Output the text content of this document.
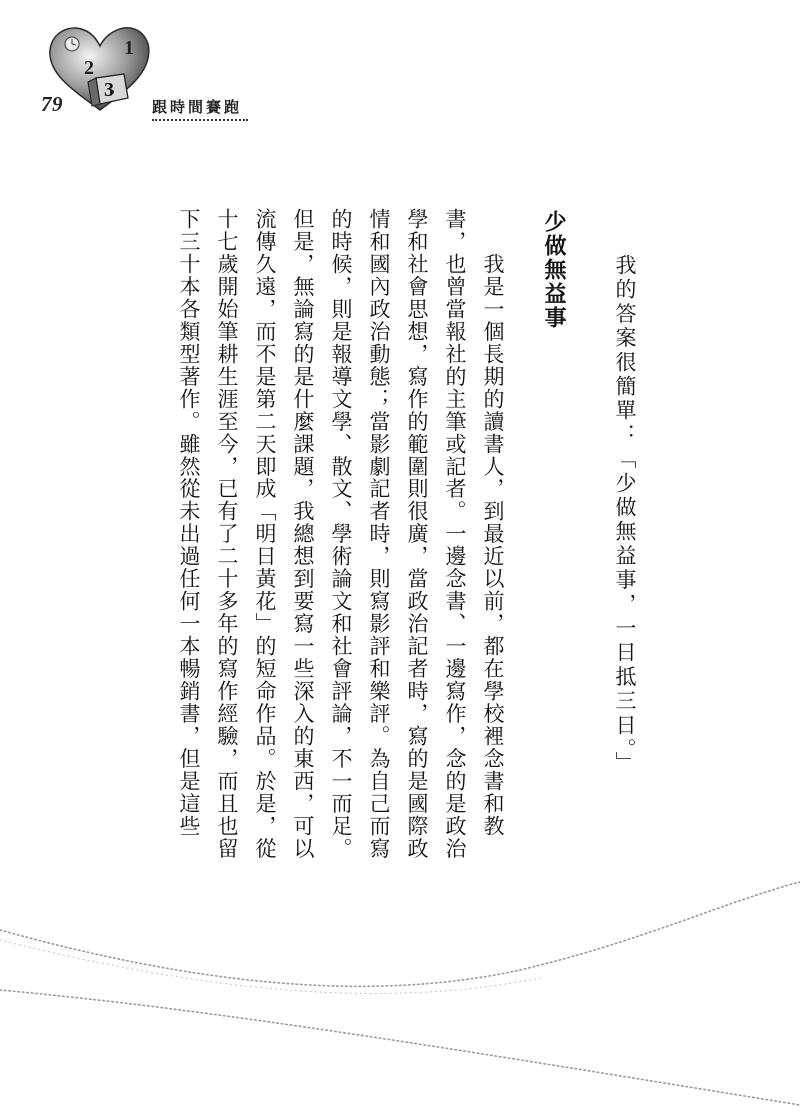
1
2
3
79	跟時間賽跑
我的答案很簡單：「少做無益事，一日抵三日。」
少做無益事
　　我是一個長期的讀書人，到最近以前，都在學校裡念書和教
書，也曾當報社的主筆或記者。一邊念書、一邊寫作，念的是政治
學和社會思想，寫作的範圍則很廣，當政治記者時，寫的是國際政
情和國內政治動態；當影劇記者時，則寫影評和樂評。為自己而寫
的時候，則是報導文學、散文、學術論文和社會評論，不一而足。
但是，無論寫的是什麼課題，我總想到要寫一些深入的東西，可以
流傳久遠，而不是第二天即成「明日黃花」的短命作品。於是，從
十七歲開始筆耕生涯至今，已有了二十多年的寫作經驗，而且也留
下三十本各類型著作。雖然從未出過任何一本暢銷書，但是這些
